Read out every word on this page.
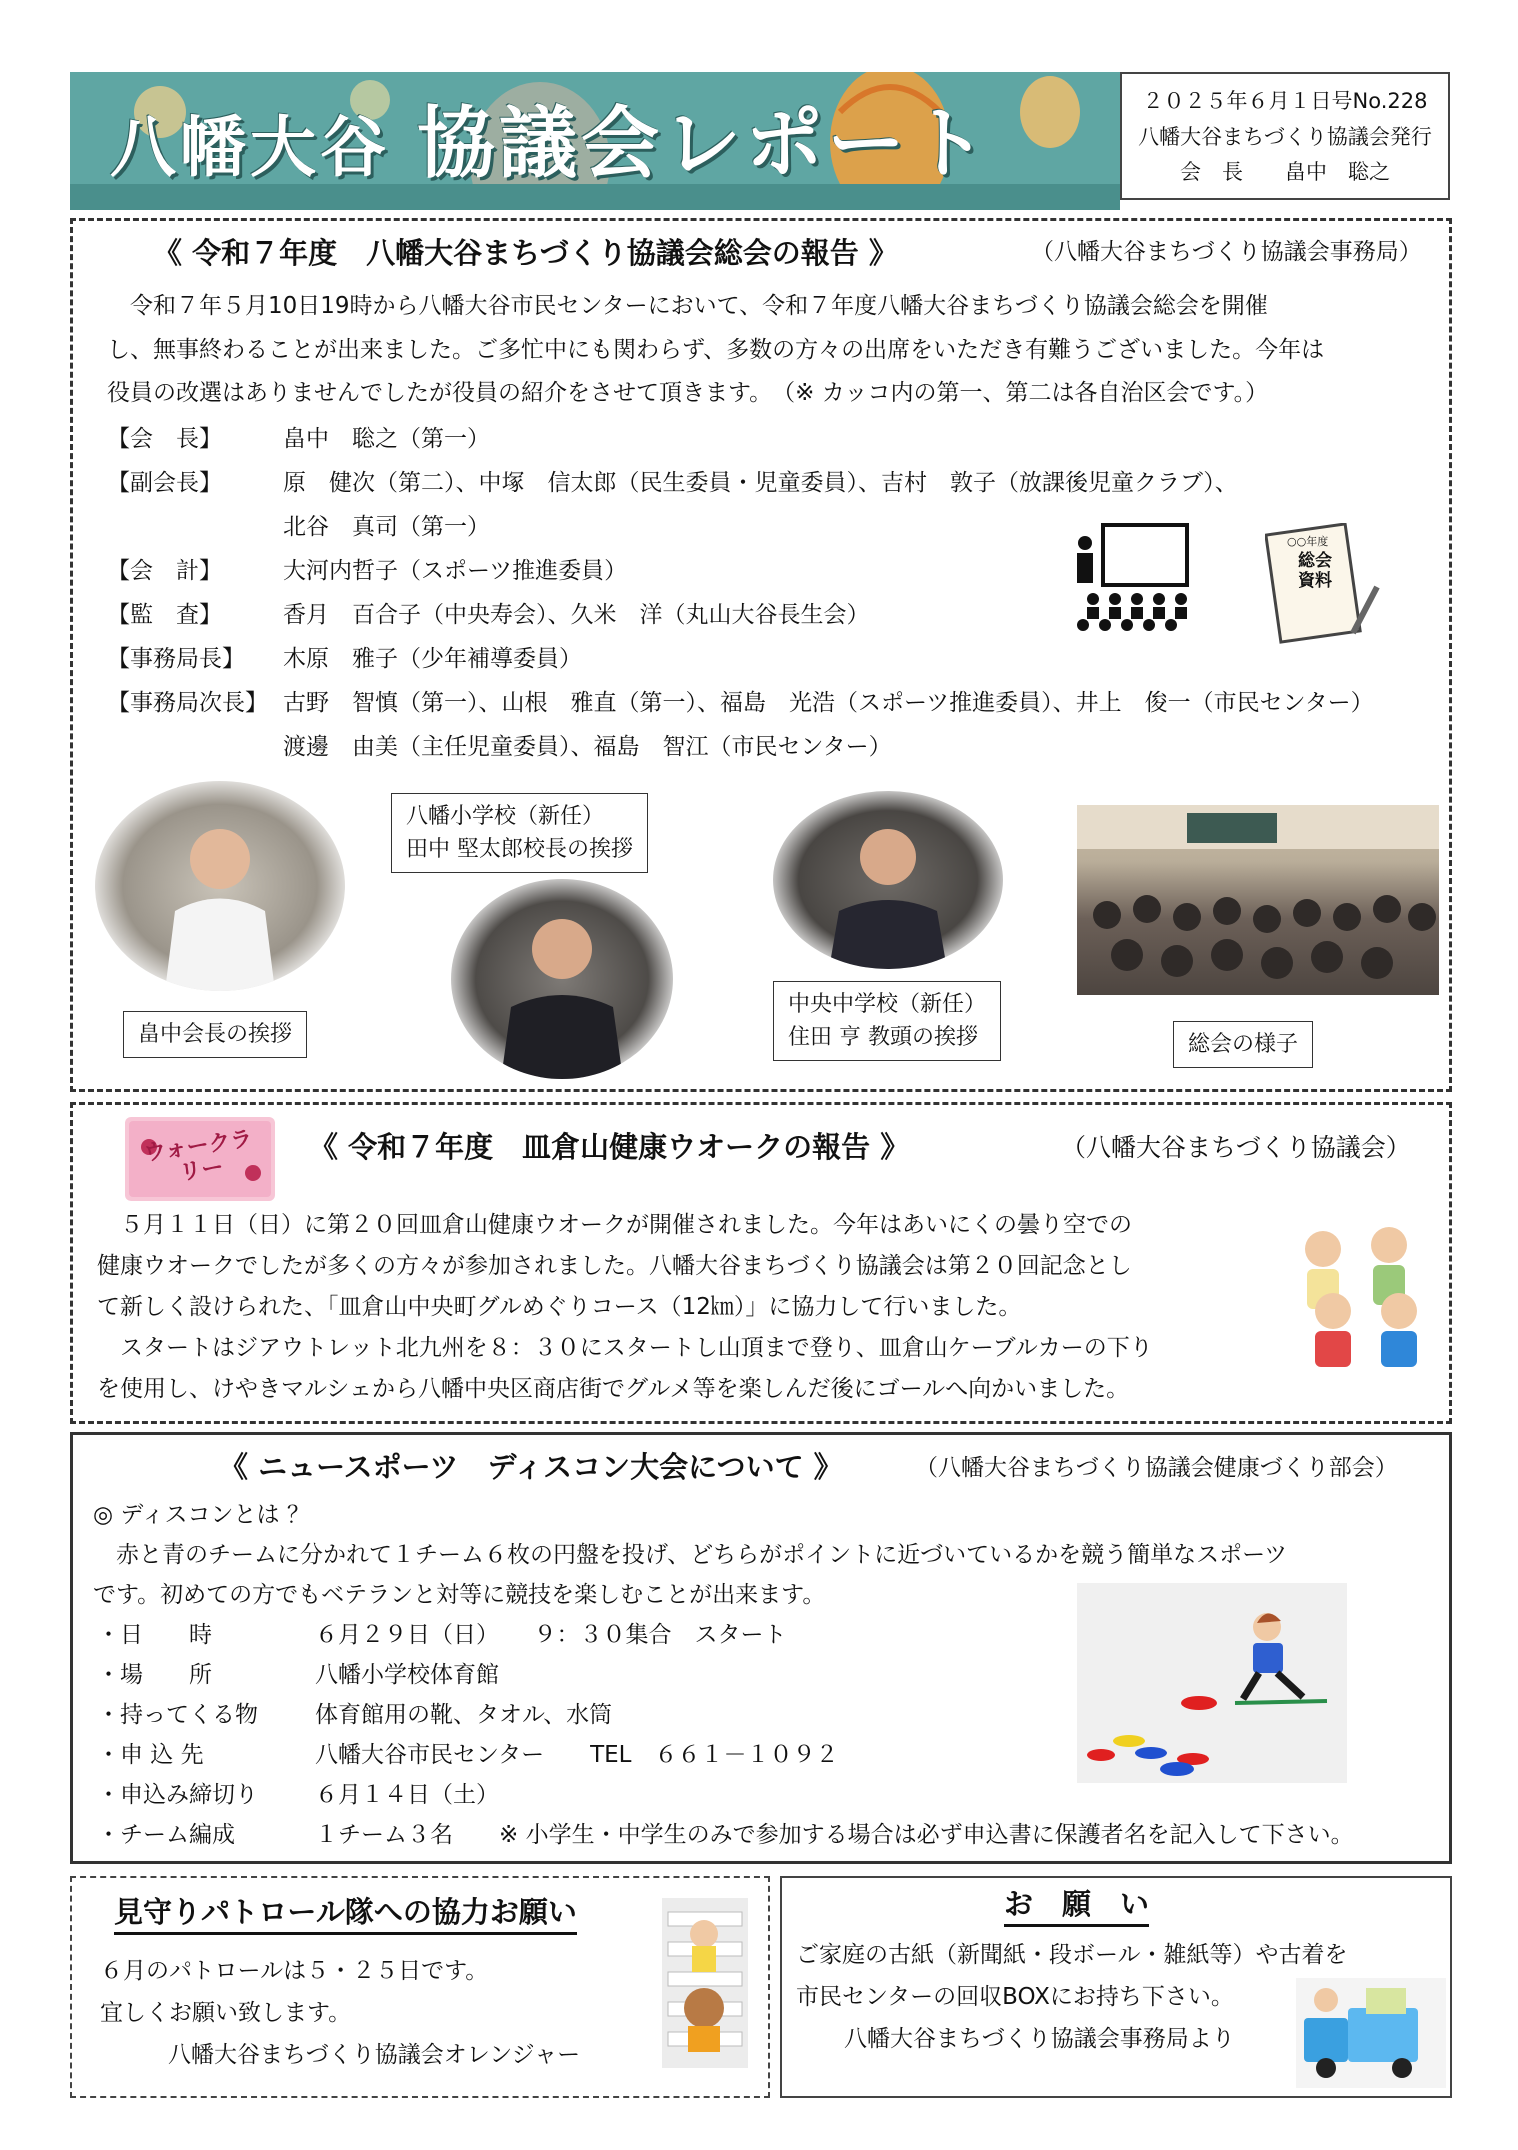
八幡大谷 協議会レポート	２０２５年６月１日号No.228
八幡大谷まちづくり協議会発行
会　長　　畠中　聡之
《 令和７年度　八幡大谷まちづくり協議会総会の報告 》	（八幡大谷まちづくり協議会事務局）
　令和７年５月10日19時から八幡大谷市民センターにおいて、令和７年度八幡大谷まちづくり協議会総会を開催
し、無事終わることが出来ました。ご多忙中にも関わらず、多数の方々の出席をいただき有難うございました。今年は
役員の改選はありませんでしたが役員の紹介をさせて頂きます。　（※ カッコ内の第一、第二は各自治区会です。）
【会　長】	畠中　聡之（第一）
【副会長】	原　健次（第二）、中塚　信太郎（民生委員・児童委員）、吉村　敦子（放課後児童クラブ）、
北谷　真司（第一）
【会　計】	大河内哲子（スポーツ推進委員）
【監　査】	香月　百合子（中央寿会）、久米　洋（丸山大谷長生会）
【事務局長】	木原　雅子（少年補導委員）
【事務局次長】 古野　智慎（第一）、山根　雅直（第一）、福島　光浩（スポーツ推進委員）、井上　俊一（市民センター）
渡邊　由美（主任児童委員）、福島　智江（市民センター）
○○年度
総会資料
畠中会長の挨拶
八幡小学校（新任）
田中 堅太郎校長の挨拶
中央中学校（新任）
住田 亨 教頭の挨拶	総会の様子
ウォークラリー
《 令和７年度　皿倉山健康ウオークの報告 》	（八幡大谷まちづくり協議会）
　５月１１日（日）に第２０回皿倉山健康ウオークが開催されました。今年はあいにくの曇り空での
健康ウオークでしたが多くの方々が参加されました。八幡大谷まちづくり協議会は第２０回記念とし
て新しく設けられた、「皿倉山中央町グルめぐりコース（12㎞）」に協力して行いました。
　スタートはジアウトレット北九州を８：３０にスタートし山頂まで登り、皿倉山ケーブルカーの下り
を使用し、けやきマルシェから八幡中央区商店街でグルメ等を楽しんだ後にゴールへ向かいました。
《 ニュースポーツ　ディスコン大会について 》	（八幡大谷まちづくり協議会健康づくり部会）
◎ ディスコンとは ？
　赤と青のチームに分かれて１チーム６枚の円盤を投げ、どちらがポイントに近づいているかを競う簡単なスポーツ
です。初めての方でもベテランと対等に競技を楽しむことが出来ます。
・日　　時	６月２９日（日）　　９：３０集合　スタート
・場　　所	八幡小学校体育館
・持ってくる物	体育館用の靴、タオル、水筒
・申 込 先	八幡大谷市民センター　　TEL　６６１－１０９２
・申込み締切り	６月１４日（土）
・チーム編成	１チーム３名　　※ 小学生・中学生のみで参加する場合は必ず申込書に保護者名を記入して下さい。
見守りパトロール隊への協力お願い
６月のパトロールは５・２５日です。
宜しくお願い致します。
八幡大谷まちづくり協議会オレンジャー
お　願　い
ご家庭の古紙（新聞紙・段ボール・雑紙等）や古着を
市民センターの回収BOXにお持ち下さい。
八幡大谷まちづくり協議会事務局より
